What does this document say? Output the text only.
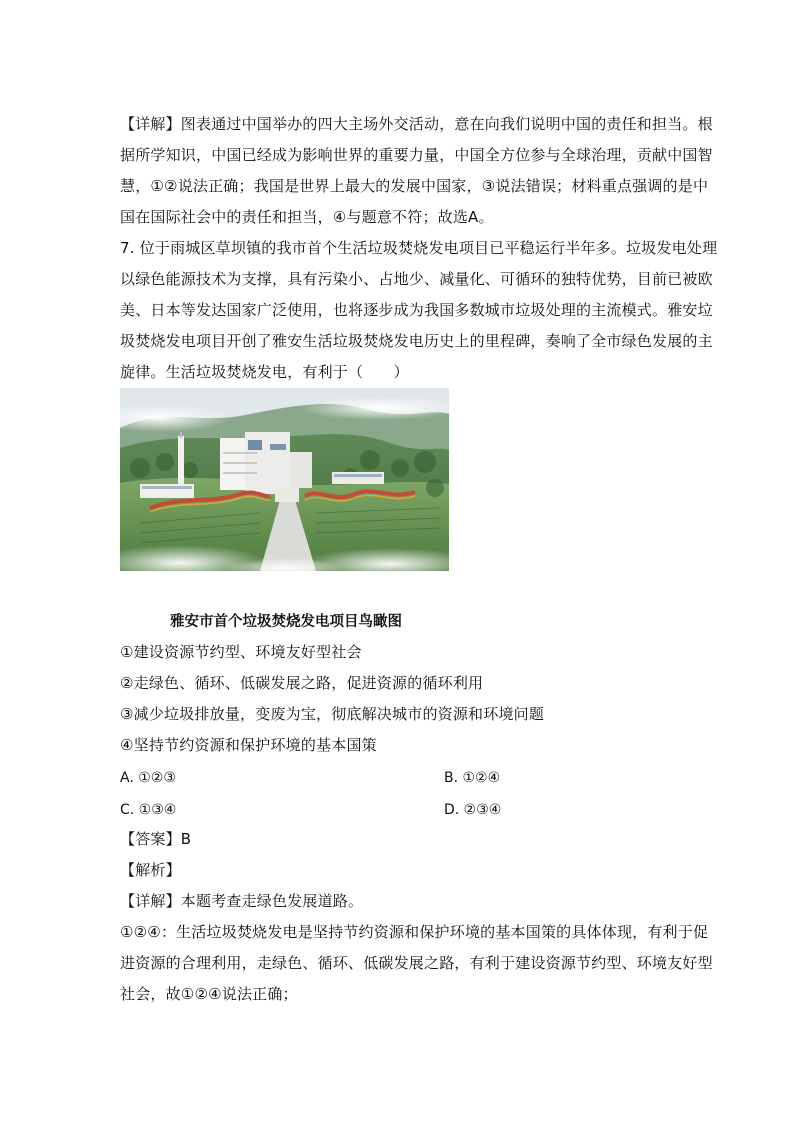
【详解】图表通过中国举办的四大主场外交活动，意在向我们说明中国的责任和担当。根
据所学知识，中国已经成为影响世界的重要力量，中国全方位参与全球治理，贡献中国智
慧，①②说法正确；我国是世界上最大的发展中国家，③说法错误；材料重点强调的是中
国在国际社会中的责任和担当，④与题意不符；故选A。
7. 位于雨城区草坝镇的我市首个生活垃圾焚烧发电项目已平稳运行半年多。垃圾发电处理
以绿色能源技术为支撑，具有污染小、占地少、减量化、可循环的独特优势，目前已被欧
美、日本等发达国家广泛使用，也将逐步成为我国多数城市垃圾处理的主流模式。雅安垃
圾焚烧发电项目开创了雅安生活垃圾焚烧发电历史上的里程碑，奏响了全市绿色发展的主
旋律。生活垃圾焚烧发电，有利于（　　）
雅安市首个垃圾焚烧发电项目鸟瞰图
①建设资源节约型、环境友好型社会
②走绿色、循环、低碳发展之路，促进资源的循环利用
③减少垃圾排放量，变废为宝，彻底解决城市的资源和环境问题
④坚持节约资源和保护环境的基本国策
A. ①②③	B. ①②④
C. ①③④	D. ②③④
【答案】B
【解析】
【详解】本题考查走绿色发展道路。
①②④：生活垃圾焚烧发电是坚持节约资源和保护环境的基本国策的具体体现，有利于促
进资源的合理利用，走绿色、循环、低碳发展之路，有利于建设资源节约型、环境友好型
社会，故①②④说法正确；
